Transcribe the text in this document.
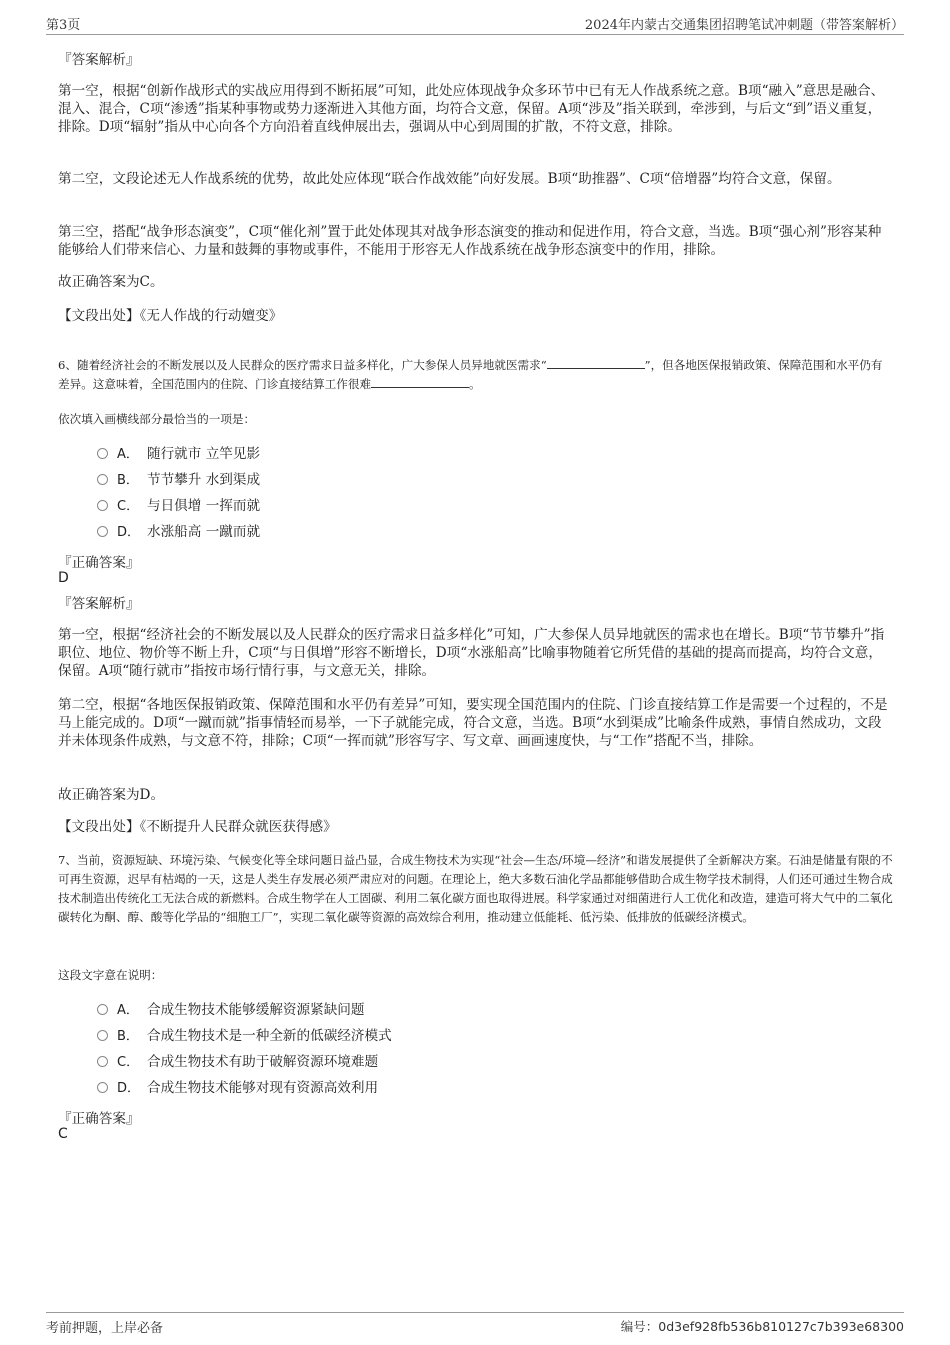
第3页	2024年内蒙古交通集团招聘笔试冲刺题（带答案解析）
『答案解析』
第一空，根据“创新作战形式的实战应用得到不断拓展”可知，此处应体现战争众多环节中已有无人作战系统之意。B项“融入”意思是融合、混入、混合，C项“渗透”指某种事物或势力逐渐进入其他方面，均符合文意，保留。A项“涉及”指关联到，牵涉到，与后文“到”语义重复，排除。D项“辐射”指从中心向各个方向沿着直线伸展出去，强调从中心到周围的扩散，不符文意，排除。
第二空，文段论述无人作战系统的优势，故此处应体现“联合作战效能”向好发展。B项“助推器”、C项“倍增器”均符合文意，保留。
第三空，搭配“战争形态演变”，C项“催化剂”置于此处体现其对战争形态演变的推动和促进作用，符合文意，当选。B项“强心剂”形容某种能够给人们带来信心、力量和鼓舞的事物或事件，不能用于形容无人作战系统在战争形态演变中的作用，排除。
故正确答案为C。
【文段出处】《无人作战的行动嬗变》
6、随着经济社会的不断发展以及人民群众的医疗需求日益多样化，广大参保人员异地就医需求“	”，但各地医保报销政策、保障范围和水平仍有差异。这意味着，全国范围内的住院、门诊直接结算工作很难	。
依次填入画横线部分最恰当的一项是：
A． 随行就市 立竿见影
B． 节节攀升 水到渠成
C． 与日俱增 一挥而就
D． 水涨船高 一蹴而就
『正确答案』
D
『答案解析』
第一空，根据“经济社会的不断发展以及人民群众的医疗需求日益多样化”可知，广大参保人员异地就医的需求也在增长。B项“节节攀升”指职位、地位、物价等不断上升，C项“与日俱增”形容不断增长，D项“水涨船高”比喻事物随着它所凭借的基础的提高而提高，均符合文意，保留。A项“随行就市”指按市场行情行事，与文意无关，排除。
第二空，根据“各地医保报销政策、保障范围和水平仍有差异”可知，要实现全国范围内的住院、门诊直接结算工作是需要一个过程的，不是马上能完成的。D项“一蹴而就”指事情轻而易举，一下子就能完成，符合文意，当选。B项“水到渠成”比喻条件成熟，事情自然成功，文段并未体现条件成熟，与文意不符，排除；C项“一挥而就”形容写字、写文章、画画速度快，与“工作”搭配不当，排除。
故正确答案为D。
【文段出处】《不断提升人民群众就医获得感》
7、当前，资源短缺、环境污染、气候变化等全球问题日益凸显，合成生物技术为实现“社会—生态/环境—经济”和谐发展提供了全新解决方案。石油是储量有限的不可再生资源，迟早有枯竭的一天，这是人类生存发展必须严肃应对的问题。在理论上，绝大多数石油化学品都能够借助合成生物学技术制得，人们还可通过生物合成技术制造出传统化工无法合成的新燃料。合成生物学在人工固碳、利用二氧化碳方面也取得进展。科学家通过对细菌进行人工优化和改造，建造可将大气中的二氧化碳转化为酮、醇、酸等化学品的“细胞工厂”，实现二氧化碳等资源的高效综合利用，推动建立低能耗、低污染、低排放的低碳经济模式。
这段文字意在说明：
A． 合成生物技术能够缓解资源紧缺问题
B． 合成生物技术是一种全新的低碳经济模式
C． 合成生物技术有助于破解资源环境难题
D． 合成生物技术能够对现有资源高效利用
『正确答案』
C
考前押题，上岸必备	编号：0d3ef928fb536b810127c7b393e68300
